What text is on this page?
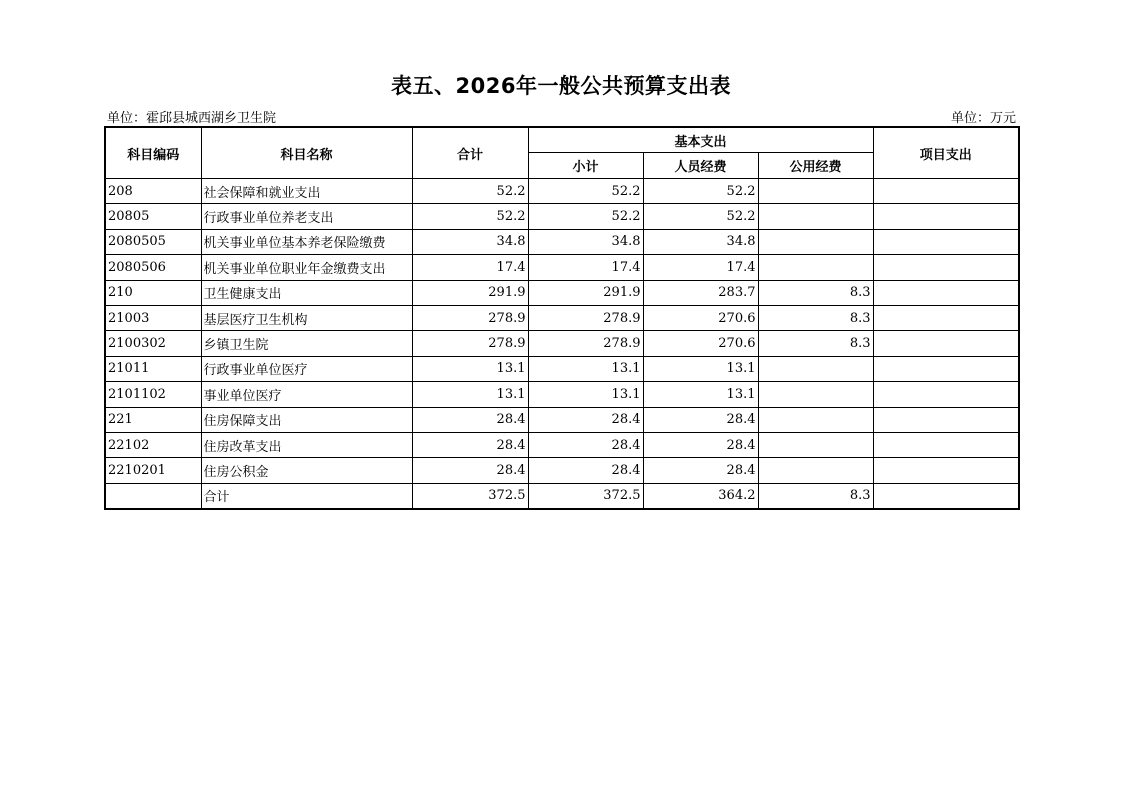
表五、2026年一般公共预算支出表
单位：霍邱县城西湖乡卫生院	单位：万元
科目编码	科目名称	合计	基本支出			项目支出
			小计	人员经费	公用经费	
208	社会保障和就业支出	52.2	52.2	52.2		
20805	行政事业单位养老支出	52.2	52.2	52.2		
2080505	机关事业单位基本养老保险缴费	34.8	34.8	34.8		
2080506	机关事业单位职业年金缴费支出	17.4	17.4	17.4		
210	卫生健康支出	291.9	291.9	283.7	8.3	
21003	基层医疗卫生机构	278.9	278.9	270.6	8.3	
2100302	乡镇卫生院	278.9	278.9	270.6	8.3	
21011	行政事业单位医疗	13.1	13.1	13.1		
2101102	事业单位医疗	13.1	13.1	13.1		
221	住房保障支出	28.4	28.4	28.4		
22102	住房改革支出	28.4	28.4	28.4		
2210201	住房公积金	28.4	28.4	28.4		
	合计	372.5	372.5	364.2	8.3	
